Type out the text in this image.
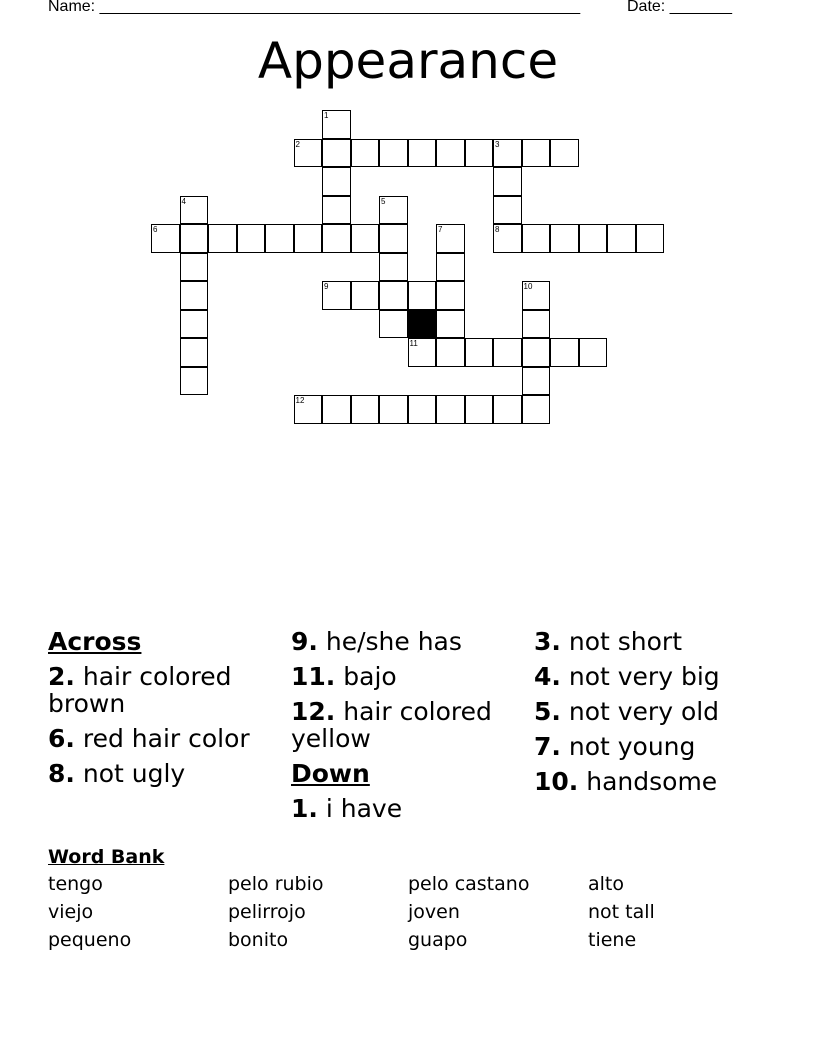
Name: ______________________________________________________	Date: _______
Appearance
1
2	3
4	5
6	7	8
9	10
11
12
Across
2. hair colored brown
6. red hair color
8. not ugly
9. he/she has
11. bajo
12. hair colored yellow
Down
1. i have
3. not short
4. not very big
5. not very old
7. not young
10. handsome
Word Bank
tengo	pelo rubio	pelo castano	alto
viejo	pelirrojo	joven	not tall
pequeno	bonito	guapo	tiene
